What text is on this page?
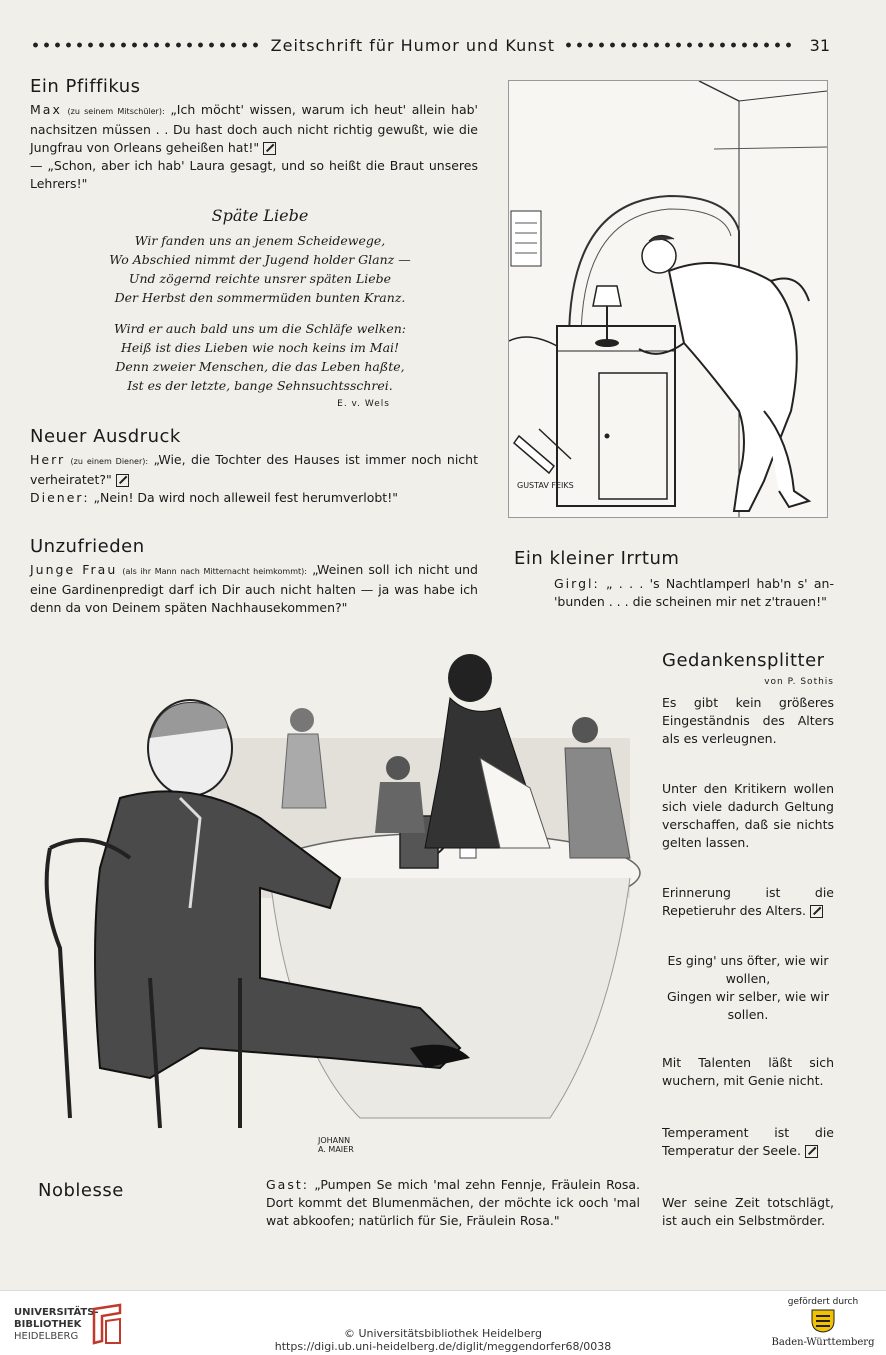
Zeitschrift für Humor und Kunst	31
Ein Pfiffikus
Max (zu seinem Mitschüler): „Ich möcht' wissen, warum ich heut' allein hab' nachsitzen müssen . . Du hast doch auch nicht richtig gewußt, wie die Jungfrau von Orleans geheißen hat!"
— „Schon, aber ich hab' Laura gesagt, und so heißt die Braut unseres Lehrers!"
Späte Liebe
Wir fanden uns an jenem Scheidewege,
Wo Abschied nimmt der Jugend holder Glanz —
Und zögernd reichte unsrer späten Liebe
Der Herbst den sommermüden bunten Kranz.
Wird er auch bald uns um die Schläfe welken:
Heiß ist dies Lieben wie noch keins im Mai!
Denn zweier Menschen, die das Leben haßte,
Ist es der letzte, bange Sehnsuchtsschrei.
E. v. Wels
Neuer Ausdruck
Herr (zu einem Diener): „Wie, die Tochter des Hauses ist immer noch nicht verheiratet?"
Diener: „Nein! Da wird noch alleweil fest herumverlobt!"
Unzufrieden
Junge Frau (als ihr Mann nach Mitternacht heimkommt): „Weinen soll ich nicht und eine Gardinenpredigt darf ich Dir auch nicht halten — ja was habe ich denn da von Deinem späten Nachhausekommen?"
GUSTAV FEIKS
Ein kleiner Irrtum
Girgl: „ . . . 's Nachtlamperl hab'n s' an-'bunden . . . die scheinen mir net z'trauen!"
Gedankensplitter
von P. Sothis
Es gibt kein größeres Eingeständnis des Alters als es verleugnen.
Unter den Kritikern wollen sich viele dadurch Geltung verschaffen, daß sie nichts gelten lassen.
Erinnerung ist die Repetieruhr des Alters.
Es ging' uns öfter, wie wir wollen,
Gingen wir selber, wie wir sollen.
Mit Talenten läßt sich wuchern, mit Genie nicht.
Temperament ist die Temperatur der Seele.
Wer seine Zeit totschlägt, ist auch ein Selbstmörder.
JOHANN
A. MAIER
Noblesse	Gast: „Pumpen Se mich 'mal zehn Fennje, Fräulein Rosa. Dort kommt det Blumenmächen, der möchte ick ooch 'mal wat abkoofen; natürlich für Sie, Fräulein Rosa."
UNIVERSITÄTS-
BIBLIOTHEK
HEIDELBERG	© Universitätsbibliothek Heidelberg
https://digi.ub.uni-heidelberg.de/diglit/meggendorfer68/0038
gefördert durch
Baden-Württemberg
